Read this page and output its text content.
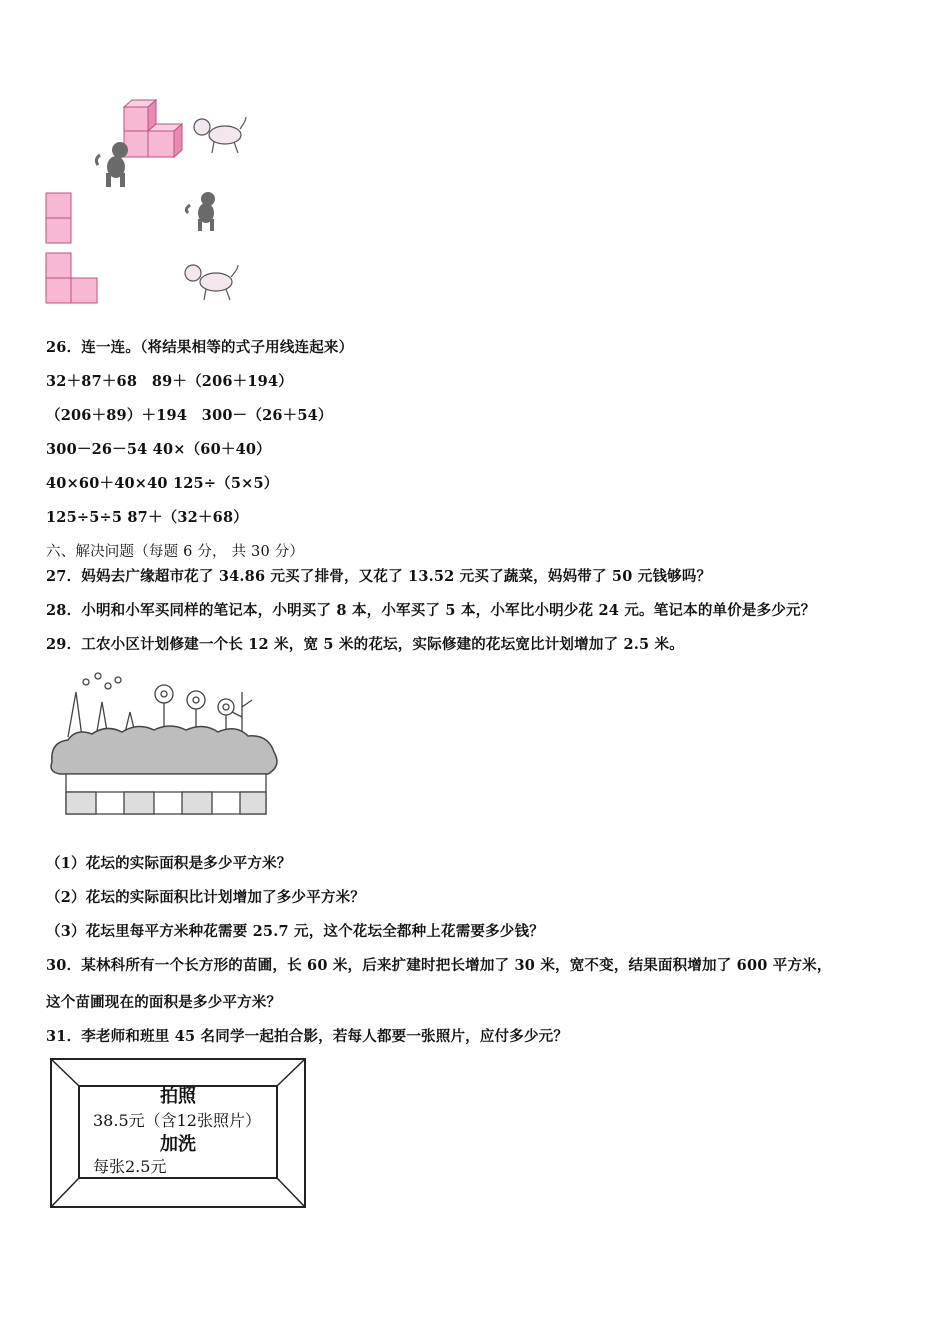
26．连一连。（将结果相等的式子用线连起来）
32＋87＋68　89＋（206＋194）
（206＋89）＋194　300－（26＋54）
300－26－54 40×（60＋40）
40×60＋40×40 125÷（5×5）
125÷5÷5 87＋（32＋68）
六、解决问题（每题 6 分， 共 30 分）
27．妈妈去广缘超市花了 34.86 元买了排骨，又花了 13.52 元买了蔬菜，妈妈带了 50 元钱够吗？
28．小明和小军买同样的笔记本，小明买了 8 本，小军买了 5 本，小军比小明少花 24 元。笔记本的单价是多少元？
29．工农小区计划修建一个长 12 米，宽 5 米的花坛，实际修建的花坛宽比计划增加了 2.5 米。
（1）花坛的实际面积是多少平方米？
（2）花坛的实际面积比计划增加了多少平方米？
（3）花坛里每平方米种花需要 25.7 元，这个花坛全都种上花需要多少钱？
30．某林科所有一个长方形的苗圃，长 60 米，后来扩建时把长增加了 30 米，宽不变，结果面积增加了 600 平方米，
这个苗圃现在的面积是多少平方米？
31．李老师和班里 45 名同学一起拍合影，若每人都要一张照片，应付多少元？
拍照
38.5元（含12张照片）
加洗
每张2.5元
